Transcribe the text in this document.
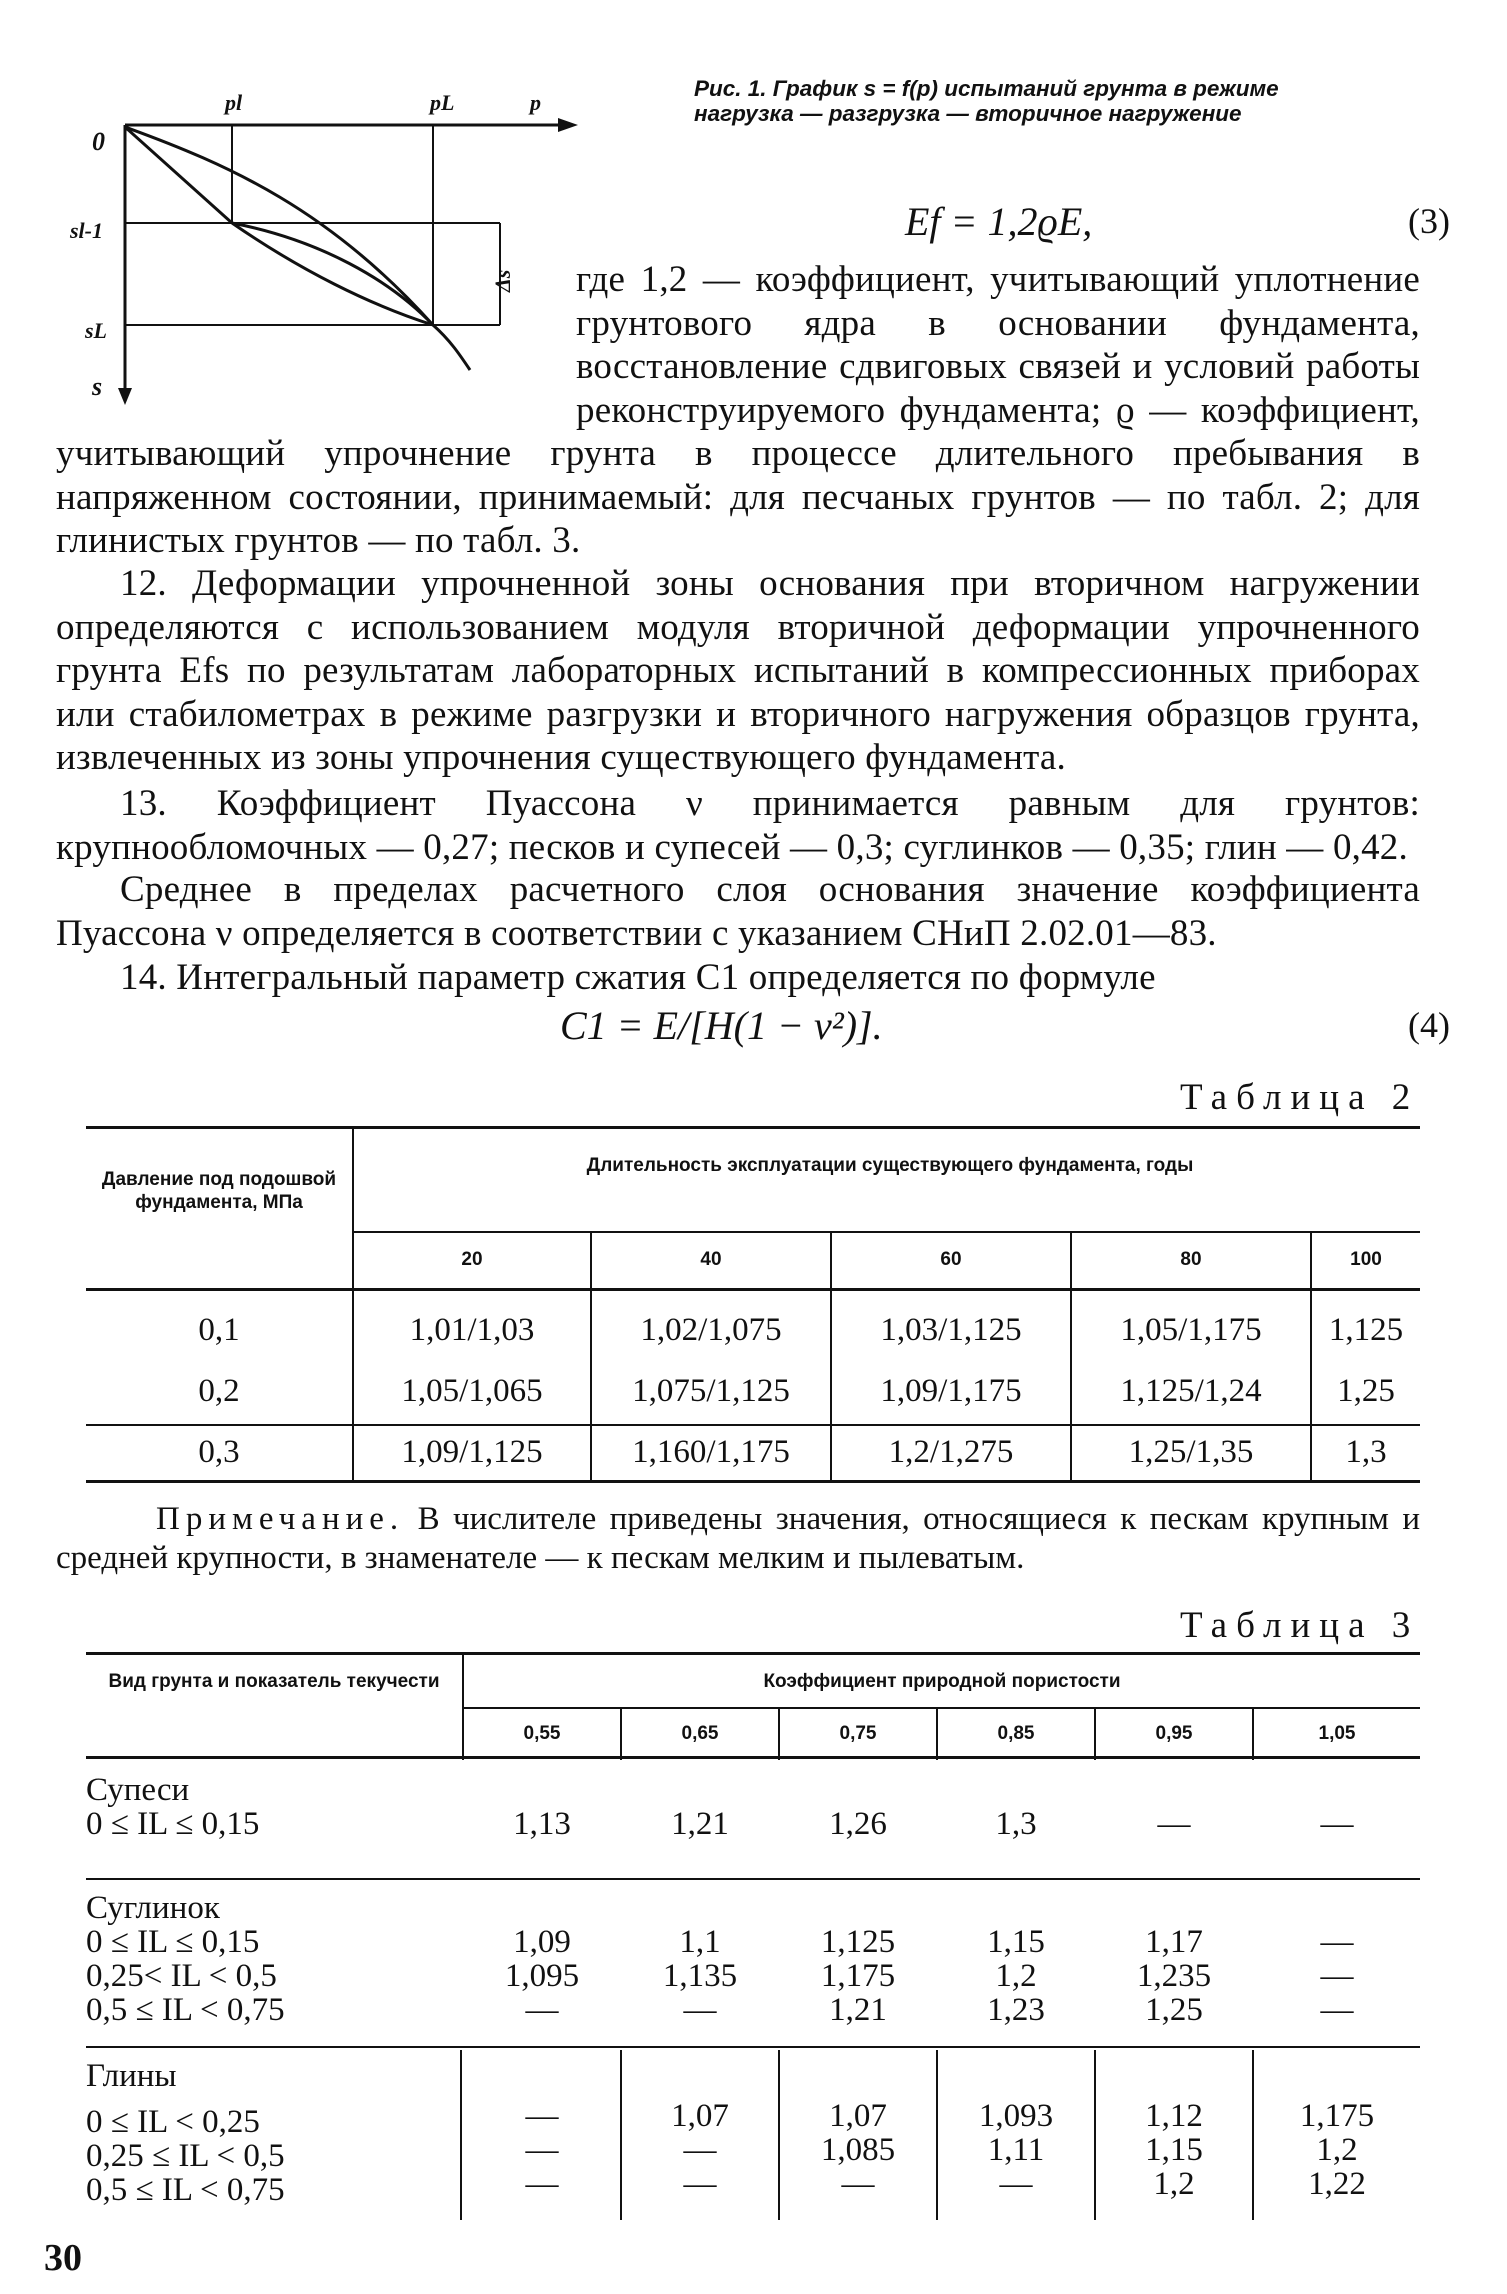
pl	pL	p
0
sl-1
sL
s
Δs
Рис. 1. График s = f(p) испытаний грунта в режиме нагрузка — разгрузка — вторичное нагружение
Ef = 1,2ϱE,	(3)
где 1,2 — коэффициент, учитывающий уплотнение грунтового ядра в основании фундамента, восстановление сдвиговых связей и условий работы реконструируемого фундамента; ϱ — коэффициент, учитывающий упрочнение грунта в процессе длительного пребывания в напряженном состоянии, принимаемый: для песчаных грунтов — по табл. 2; для глинистых грунтов — по табл. 3.
12. Деформации упрочненной зоны основания при вторичном нагружении определяются с использованием модуля вторичной деформации упрочненного грунта Efs по результатам лабораторных испытаний в компрессионных приборах или стабилометрах в режиме разгрузки и вторичного нагружения образцов грунта, извлеченных из зоны упрочнения существующего фундамента.
13. Коэффициент Пуассона ν принимается равным для грунтов: крупнообломочных — 0,27; песков и супесей — 0,3; суглинков — 0,35; глин — 0,42.
Среднее в пределах расчетного слоя основания значение коэффициента Пуассона ν определяется в соответствии с указанием СНиП 2.02.01—83.
14. Интегральный параметр сжатия C1 определяется по формуле
C1 = E/[H(1 − ν²)].	(4)
Таблица 2
Давление под подошвой фундамента, МПа
Длительность эксплуатации существующего фундамента, годы
20	40	60	80	100
0,1	1,01/1,03	1,02/1,075	1,03/1,125	1,05/1,175	1,125
0,2	1,05/1,065	1,075/1,125	1,09/1,175	1,125/1,24	1,25
0,3	1,09/1,125	1,160/1,175	1,2/1,275	1,25/1,35	1,3
Примечание. В числителе приведены значения, относящиеся к пескам крупным и средней крупности, в знаменателе — к пескам мелким и пылеватым.
Таблица 3
Вид грунта и показатель текучести	Коэффициент природной пористости
0,55	0,65	0,75	0,85	0,95	1,05
Супеси
0 ≤ IL ≤ 0,15	1,13	1,21	1,26	1,3	—	—
Суглинок
0 ≤ IL ≤ 0,15	1,09	1,1	1,125	1,15	1,17	—
0,25< IL < 0,5	1,095	1,135	1,175	1,2	1,235	—
0,5 ≤ IL < 0,75	—	—	1,21	1,23	1,25	—
Глины
0 ≤ IL < 0,25	—	1,07	1,07	1,093	1,12	1,175
0,25 ≤ IL < 0,5	—	—	1,085	1,11	1,15	1,2
0,5 ≤ IL < 0,75	—	—	—	—	1,2	1,22
30
